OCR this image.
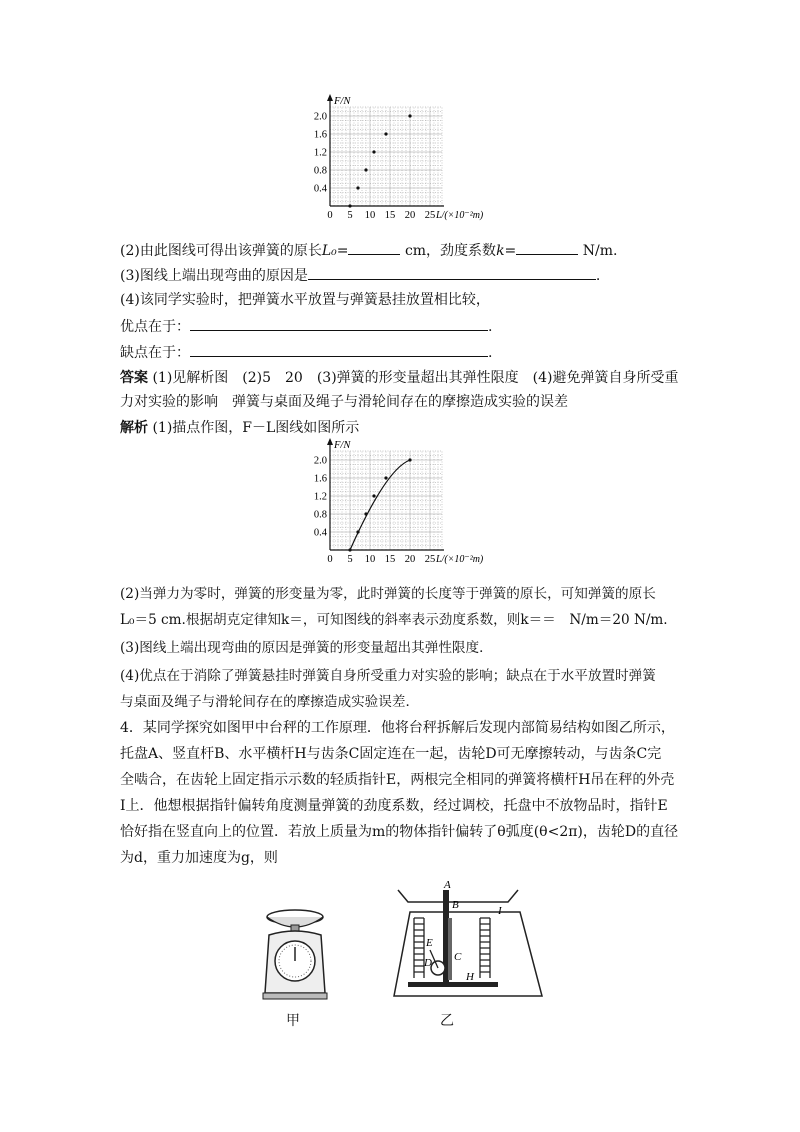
F/N
0.4
0.8
1.2
1.6
2.0
0 5 10 15 20 25 L/(×10⁻²m)
(2)由此图线可得出该弹簧的原长L₀=	cm，劲度系数k=	N/m.
(3)图线上端出现弯曲的原因是	.
(4)该同学实验时，把弹簧水平放置与弹簧悬挂放置相比较，
优点在于：	.
缺点在于：	.
答案 (1)见解析图　(2)5　20　(3)弹簧的形变量超出其弹性限度　(4)避免弹簧自身所受重
力对实验的影响　弹簧与桌面及绳子与滑轮间存在的摩擦造成实验的误差
解析 (1)描点作图，F－L图线如图所示
F/N
0.4
0.8
1.2
1.6
2.0
0 5 10 15 20 25 L/(×10⁻²m)
(2)当弹力为零时，弹簧的形变量为零，此时弹簧的长度等于弹簧的原长，可知弹簧的原长
L₀＝5 cm.根据胡克定律知k＝，可知图线的斜率表示劲度系数，则k＝＝　N/m＝20 N/m.
(3)图线上端出现弯曲的原因是弹簧的形变量超出其弹性限度．
(4)优点在于消除了弹簧悬挂时弹簧自身所受重力对实验的影响；缺点在于水平放置时弹簧
与桌面及绳子与滑轮间存在的摩擦造成实验误差．
4．某同学探究如图甲中台秤的工作原理．他将台秤拆解后发现内部简易结构如图乙所示，
托盘A、竖直杆B、水平横杆H与齿条C固定连在一起，齿轮D可无摩擦转动，与齿条C完
全啮合，在齿轮上固定指示示数的轻质指针E，两根完全相同的弹簧将横杆H吊在秤的外壳
I上．他想根据指针偏转角度测量弹簧的劲度系数，经过调校，托盘中不放物品时，指针E
恰好指在竖直向上的位置．若放上质量为m的物体指针偏转了θ弧度(θ<2π)，齿轮D的直径
为d，重力加速度为g，则
甲
A
B
C
D
E
H
I
乙
